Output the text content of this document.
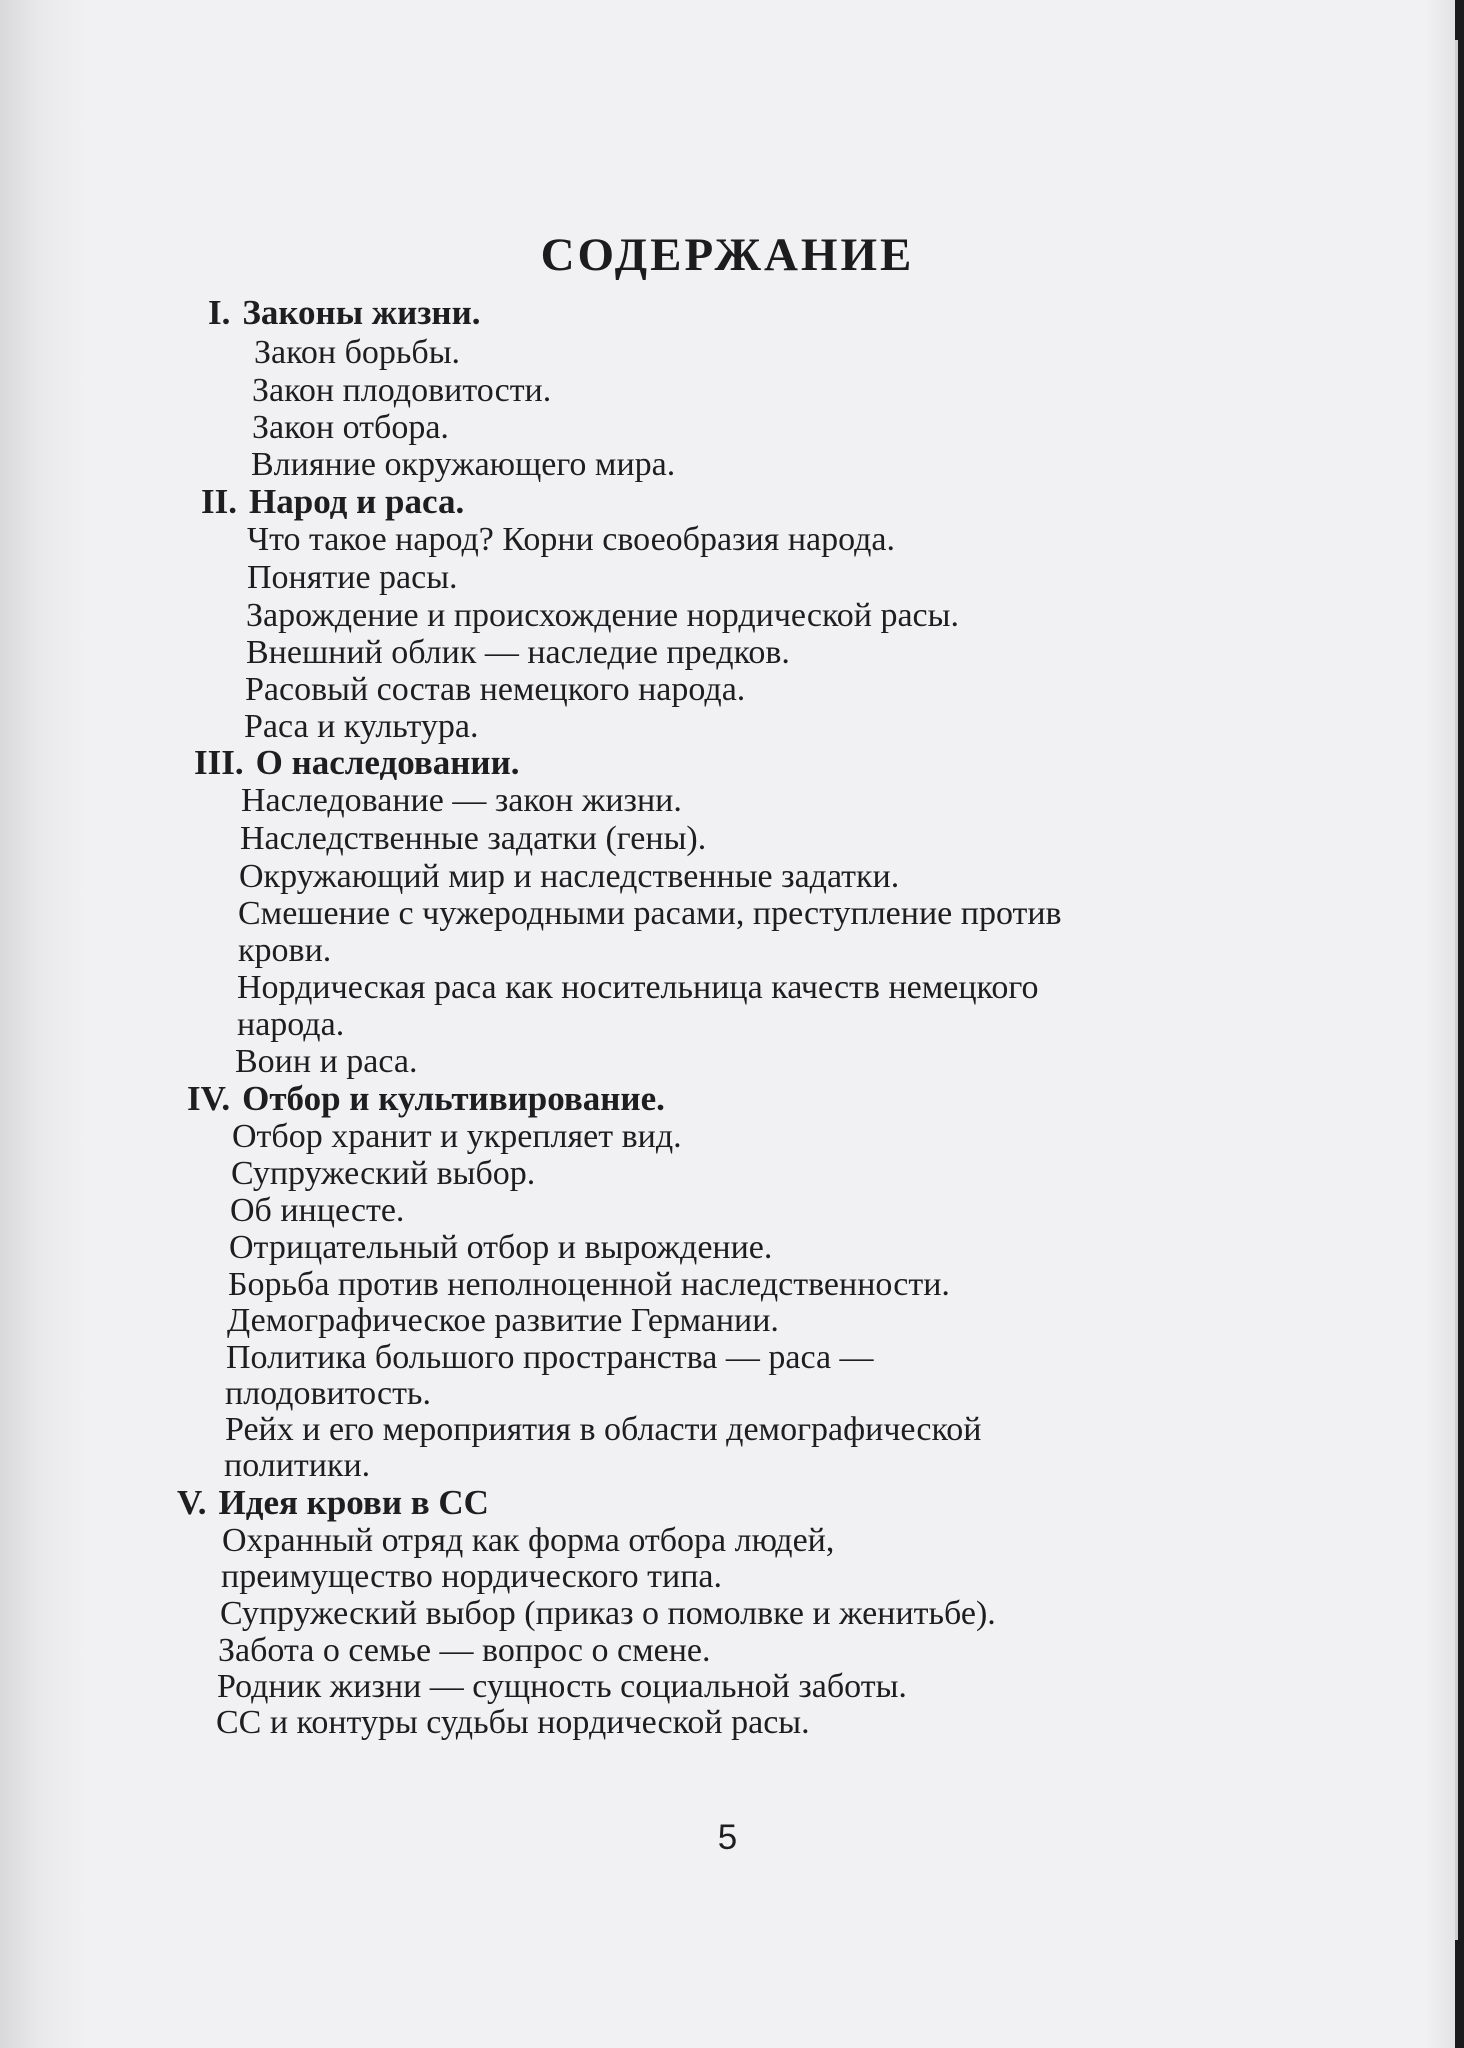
СОДЕРЖАНИЕ
I. Законы жизни.
Закон борьбы.
Закон плодовитости.
Закон отбора.
Влияние окружающего мира.
II. Народ и раса.
Что такое народ? Корни своеобразия народа.
Понятие расы.
Зарождение и происхождение нордической расы.
Внешний облик — наследие предков.
Расовый состав немецкого народа.
Раса и культура.
III. О наследовании.
Наследование — закон жизни.
Наследственные задатки (гены).
Окружающий мир и наследственные задатки.
Смешение с чужеродными расами, преступление против
крови.
Нордическая раса как носительница качеств немецкого
народа.
Воин и раса.
IV. Отбор и культивирование.
Отбор хранит и укрепляет вид.
Супружеский выбор.
Об инцесте.
Отрицательный отбор и вырождение.
Борьба против неполноценной наследственности.
Демографическое развитие Германии.
Политика большого пространства — раса —
плодовитость.
Рейх и его мероприятия в области демографической
политики.
V. Идея крови в СС
Охранный отряд как форма отбора людей,
преимущество нордического типа.
Супружеский выбор (приказ о помолвке и женитьбе).
Забота о семье — вопрос о смене.
Родник жизни — сущность социальной заботы.
СС и контуры судьбы нордической расы.
5
